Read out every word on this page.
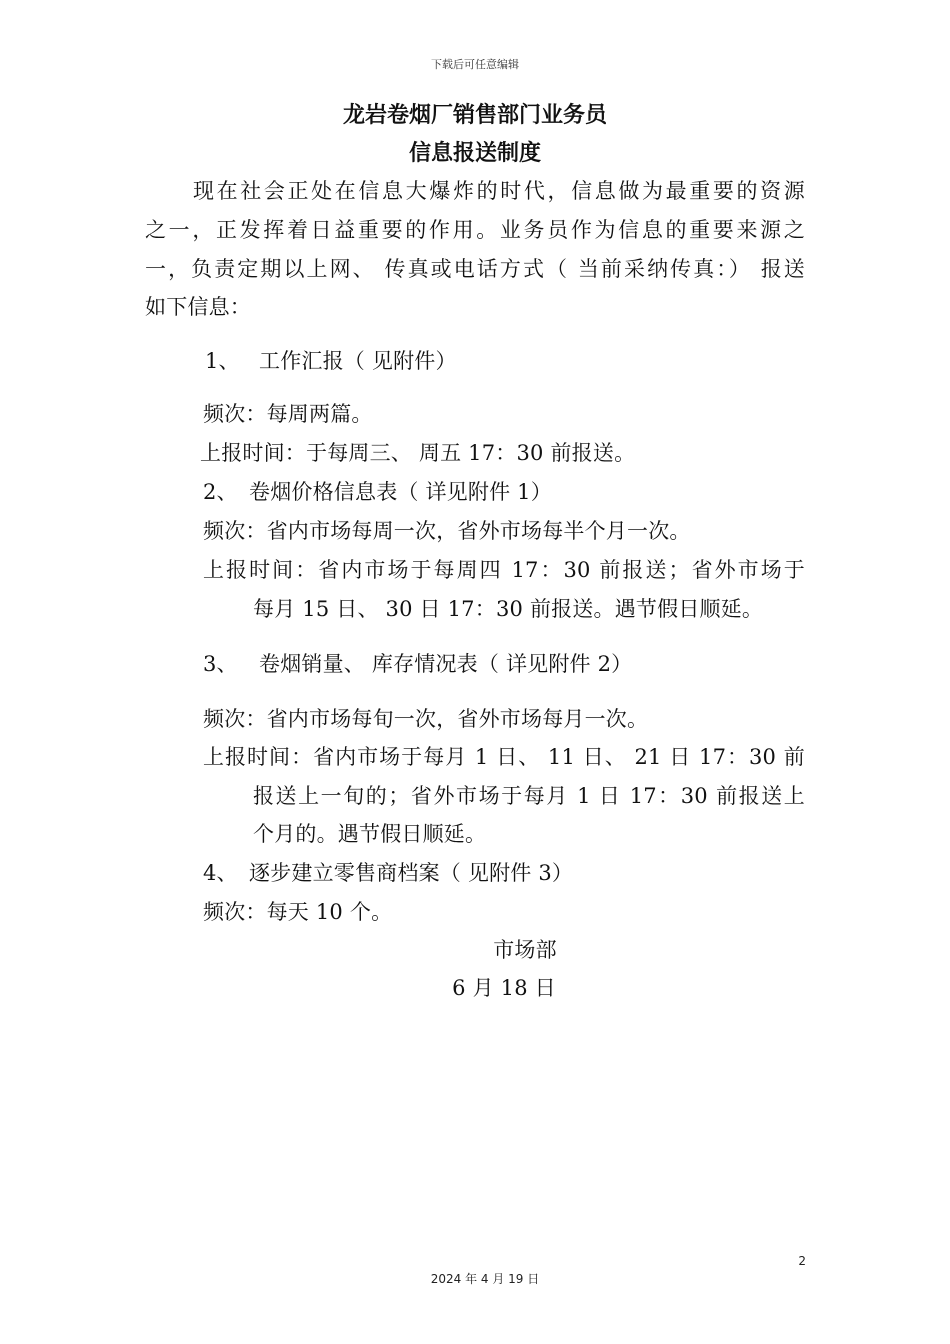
下载后可任意编辑
龙岩卷烟厂销售部门业务员
信息报送制度
现在社会正处在信息大爆炸的时代，信息做为最重要的资源
之一，正发挥着日益重要的作用。业务员作为信息的重要来源之
一，负责定期以上网、 传真或电话方式（ 当前采纳传真：） 报送
如下信息：
1、 工作汇报（ 见附件）
频次：每周两篇。
上报时间：于每周三、 周五 17：30 前报送。
2、 卷烟价格信息表（ 详见附件 1）
频次：省内市场每周一次，省外市场每半个月一次。
上报时间：省内市场于每周四 17：30 前报送；省外市场于
每月 15 日、 30 日 17：30 前报送。遇节假日顺延。
3、 卷烟销量、 库存情况表（ 详见附件 2）
频次：省内市场每旬一次，省外市场每月一次。
上报时间：省内市场于每月 1 日、 11 日、 21 日 17：30 前
报送上一旬的；省外市场于每月 1 日 17：30 前报送上
个月的。遇节假日顺延。
4、 逐步建立零售商档案（ 见附件 3）
频次：每天 10 个。
市场部
6 月 18 日
2
2024 年 4 月 19 日
